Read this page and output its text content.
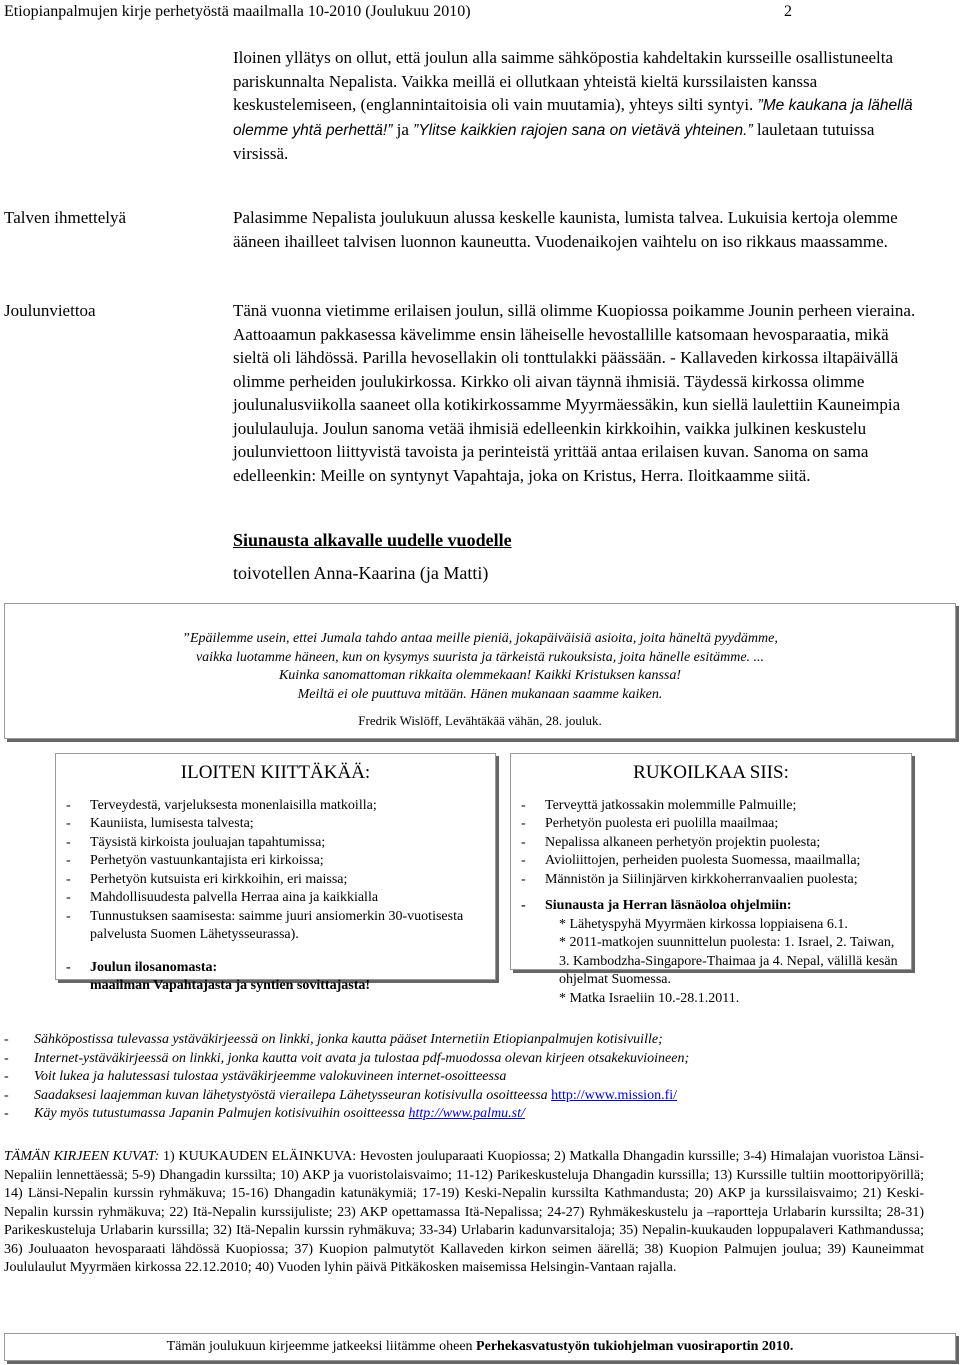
Etiopianpalmujen kirje perhetyöstä maailmalla 10-2010 (Joulukuu 2010)	2
Iloinen yllätys on ollut, että joulun alla saimme sähköpostia kahdeltakin kursseille osallistuneelta pariskunnalta Nepalista. Vaikka meillä ei ollutkaan yhteistä kieltä kurssilaisten kanssa keskustelemiseen, (englannintaitoisia oli vain muutamia), yhteys silti syntyi. ”Me kaukana ja lähellä olemme yhtä perhettä!” ja ”Ylitse kaikkien rajojen sana on vietävä yhteinen.” lauletaan tutuissa virsissä.
Talven ihmettelyä	Palasimme Nepalista joulukuun alussa keskelle kaunista, lumista talvea. Lukuisia kertoja olemme ääneen ihailleet talvisen luonnon kauneutta. Vuodenaikojen vaihtelu on iso rikkaus maassamme.
Joulunviettoa	Tänä vuonna vietimme erilaisen joulun, sillä olimme Kuopiossa poikamme Jounin perheen vieraina. Aattoaamun pakkasessa kävelimme ensin läheiselle hevostallille katsomaan hevosparaatia, mikä sieltä oli lähdössä. Parilla hevosellakin oli tonttulakki päässään. - Kallaveden kirkossa iltapäivällä olimme perheiden joulukirkossa. Kirkko oli aivan täynnä ihmisiä. Täydessä kirkossa olimme joulunalusviikolla saaneet olla kotikirkossamme Myyrmäessäkin, kun siellä laulettiin Kauneimpia joululauluja. Joulun sanoma vetää ihmisiä edelleenkin kirkkoihin, vaikka julkinen keskustelu joulunviettoon liittyvistä tavoista ja perinteistä yrittää antaa erilaisen kuvan. Sanoma on sama edelleenkin: Meille on syntynyt Vapahtaja, joka on Kristus, Herra. Iloitkaamme siitä.
Siunausta alkavalle uudelle vuodelle
toivotellen Anna-Kaarina (ja Matti)
”Epäilemme usein, ettei Jumala tahdo antaa meille pieniä, jokapäiväisiä asioita, joita häneltä pyydämme,
vaikka luotamme häneen, kun on kysymys suurista ja tärkeistä rukouksista, joita hänelle esitämme. ...
Kuinka sanomattoman rikkaita olemmekaan! Kaikki Kristuksen kanssa!
Meiltä ei ole puuttuva mitään. Hänen mukanaan saamme kaiken.
Fredrik Wislöff, Levähtäkää vähän, 28. jouluk.
ILOITEN KIITTÄKÄÄ:
- Terveydestä, varjeluksesta monenlaisilla matkoilla;
- Kauniista, lumisesta talvesta;
- Täysistä kirkoista jouluajan tapahtumissa;
- Perhetyön vastuunkantajista eri kirkoissa;
- Perhetyön kutsuista eri kirkkoihin, eri maissa;
- Mahdollisuudesta palvella Herraa aina ja kaikkialla
- Tunnustuksen saamisesta: saimme juuri ansiomerkin 30-vuotisesta palvelusta Suomen Lähetysseurassa).
- Joulun ilosanomasta:
maailman Vapahtajasta ja syntien sovittajasta!
RUKOILKAA SIIS:
- Terveyttä jatkossakin molemmille Palmuille;
- Perhetyön puolesta eri puolilla maailmaa;
- Nepalissa alkaneen perhetyön projektin puolesta;
- Avioliittojen, perheiden puolesta Suomessa, maailmalla;
- Männistön ja Siilinjärven kirkkoherranvaalien puolesta;
- Siunausta ja Herran läsnäoloa ohjelmiin:
* Lähetyspyhä Myyrmäen kirkossa loppiaisena 6.1.
* 2011-matkojen suunnittelun puolesta: 1. Israel, 2. Taiwan, 3. Kambodzha-Singapore-Thaimaa ja 4. Nepal, välillä kesän ohjelmat Suomessa.
* Matka Israeliin 10.-28.1.2011.
- Sähköpostissa tulevassa ystäväkirjeessä on linkki, jonka kautta pääset Internetiin Etiopianpalmujen kotisivuille;
- Internet-ystäväkirjeessä on linkki, jonka kautta voit avata ja tulostaa pdf-muodossa olevan kirjeen otsakekuvioineen;
- Voit lukea ja halutessasi tulostaa ystäväkirjeemme valokuvineen internet-osoitteessa
- Saadaksesi laajemman kuvan lähetystyöstä vierailepa Lähetysseuran kotisivulla osoitteessa http://www.mission.fi/
- Käy myös tutustumassa Japanin Palmujen kotisivuihin osoitteessa http://www.palmu.st/
TÄMÄN KIRJEEN KUVAT: 1) KUUKAUDEN ELÄINKUVA: Hevosten jouluparaati Kuopiossa; 2) Matkalla Dhangadin kurssille; 3-4) Himalajan vuoristoa Länsi-Nepaliin lennettäessä; 5-9) Dhangadin kurssilta; 10) AKP ja vuoristolaisvaimo; 11-12) Parikeskusteluja Dhangadin kurssilla; 13) Kurssille tultiin moottoripyörillä; 14) Länsi-Nepalin kurssin ryhmäkuva; 15-16) Dhangadin katunäkymiä; 17-19) Keski-Nepalin kurssilta Kathmandusta; 20) AKP ja kurssilaisvaimo; 21) Keski-Nepalin kurssin ryhmäkuva; 22) Itä-Nepalin kurssijuliste; 23) AKP opettamassa Itä-Nepalissa; 24-27) Ryhmäkeskustelu ja –raportteja Urlabarin kurssilta; 28-31) Parikeskusteluja Urlabarin kurssilla; 32) Itä-Nepalin kurssin ryhmäkuva; 33-34) Urlabarin kadunvarsitaloja; 35) Nepalin-kuukauden loppupalaveri Kathmandussa; 36) Jouluaaton hevosparaati lähdössä Kuopiossa; 37) Kuopion palmutytöt Kallaveden kirkon seimen äärellä; 38) Kuopion Palmujen joulua; 39) Kauneimmat Joululaulut Myyrmäen kirkossa 22.12.2010; 40) Vuoden lyhin päivä Pitkäkosken maisemissa Helsingin-Vantaan rajalla.
Tämän joulukuun kirjeemme jatkeeksi liitämme oheen Perhekasvatustyön tukiohjelman vuosiraportin 2010.
